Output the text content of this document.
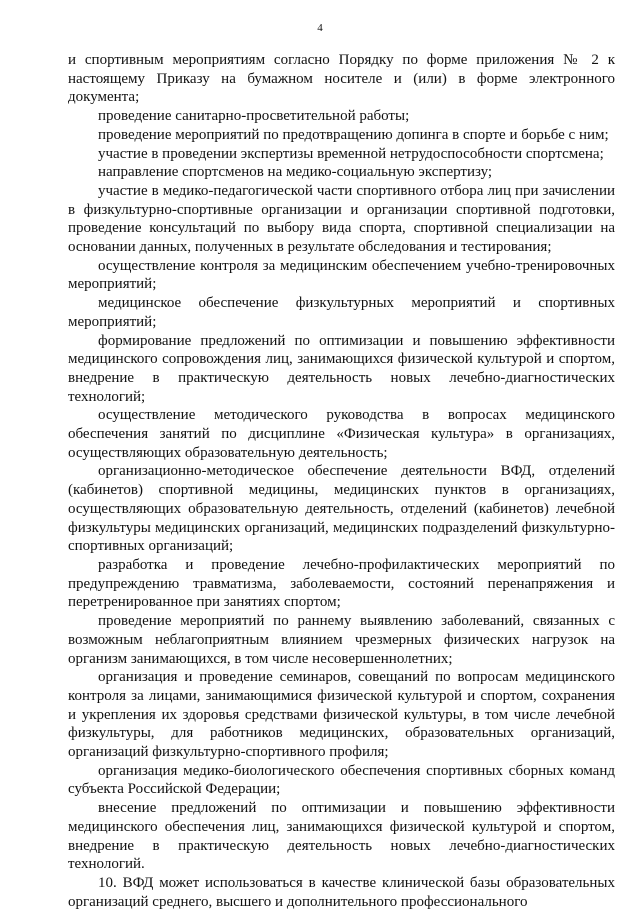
4

и спортивным мероприятиям согласно Порядку по форме приложения № 2 к настоящему Приказу на бумажном носителе и (или) в форме электронного документа;

проведение санитарно-просветительной работы;

проведение мероприятий по предотвращению допинга в спорте и борьбе с ним;

участие в проведении экспертизы временной нетрудоспособности спортсмена;

направление спортсменов на медико-социальную экспертизу;

участие в медико-педагогической части спортивного отбора лиц при зачислении в физкультурно-спортивные организации и организации спортивной подготовки, проведение консультаций по выбору вида спорта, спортивной специализации на основании данных, полученных в результате обследования и тестирования;

осуществление контроля за медицинским обеспечением учебно-тренировочных мероприятий;

медицинское обеспечение физкультурных мероприятий и спортивных мероприятий;

формирование предложений по оптимизации и повышению эффективности медицинского сопровождения лиц, занимающихся физической культурой и спортом, внедрение в практическую деятельность новых лечебно-диагностических технологий;

осуществление методического руководства в вопросах медицинского обеспечения занятий по дисциплине «Физическая культура» в организациях, осуществляющих образовательную деятельность;

организационно-методическое обеспечение деятельности ВФД, отделений (кабинетов) спортивной медицины, медицинских пунктов в организациях, осуществляющих образовательную деятельность, отделений (кабинетов) лечебной физкультуры медицинских организаций, медицинских подразделений физкультурно-спортивных организаций;

разработка и проведение лечебно-профилактических мероприятий по предупреждению травматизма, заболеваемости, состояний перенапряжения и перетренированное при занятиях спортом;

проведение мероприятий по раннему выявлению заболеваний, связанных с возможным неблагоприятным влиянием чрезмерных физических нагрузок на организм занимающихся, в том числе несовершеннолетних;

организация и проведение семинаров, совещаний по вопросам медицинского контроля за лицами, занимающимися физической культурой и спортом, сохранения и укрепления их здоровья средствами физической культуры, в том числе лечебной физкультуры, для работников медицинских, образовательных организаций, организаций физкультурно-спортивного профиля;

организация медико-биологического обеспечения спортивных сборных команд субъекта Российской Федерации;

внесение предложений по оптимизации и повышению эффективности медицинского обеспечения лиц, занимающихся физической культурой и спортом, внедрение в практическую деятельность новых лечебно-диагностических технологий.

10. ВФД может использоваться в качестве клинической базы образовательных организаций среднего, высшего и дополнительного профессионального
